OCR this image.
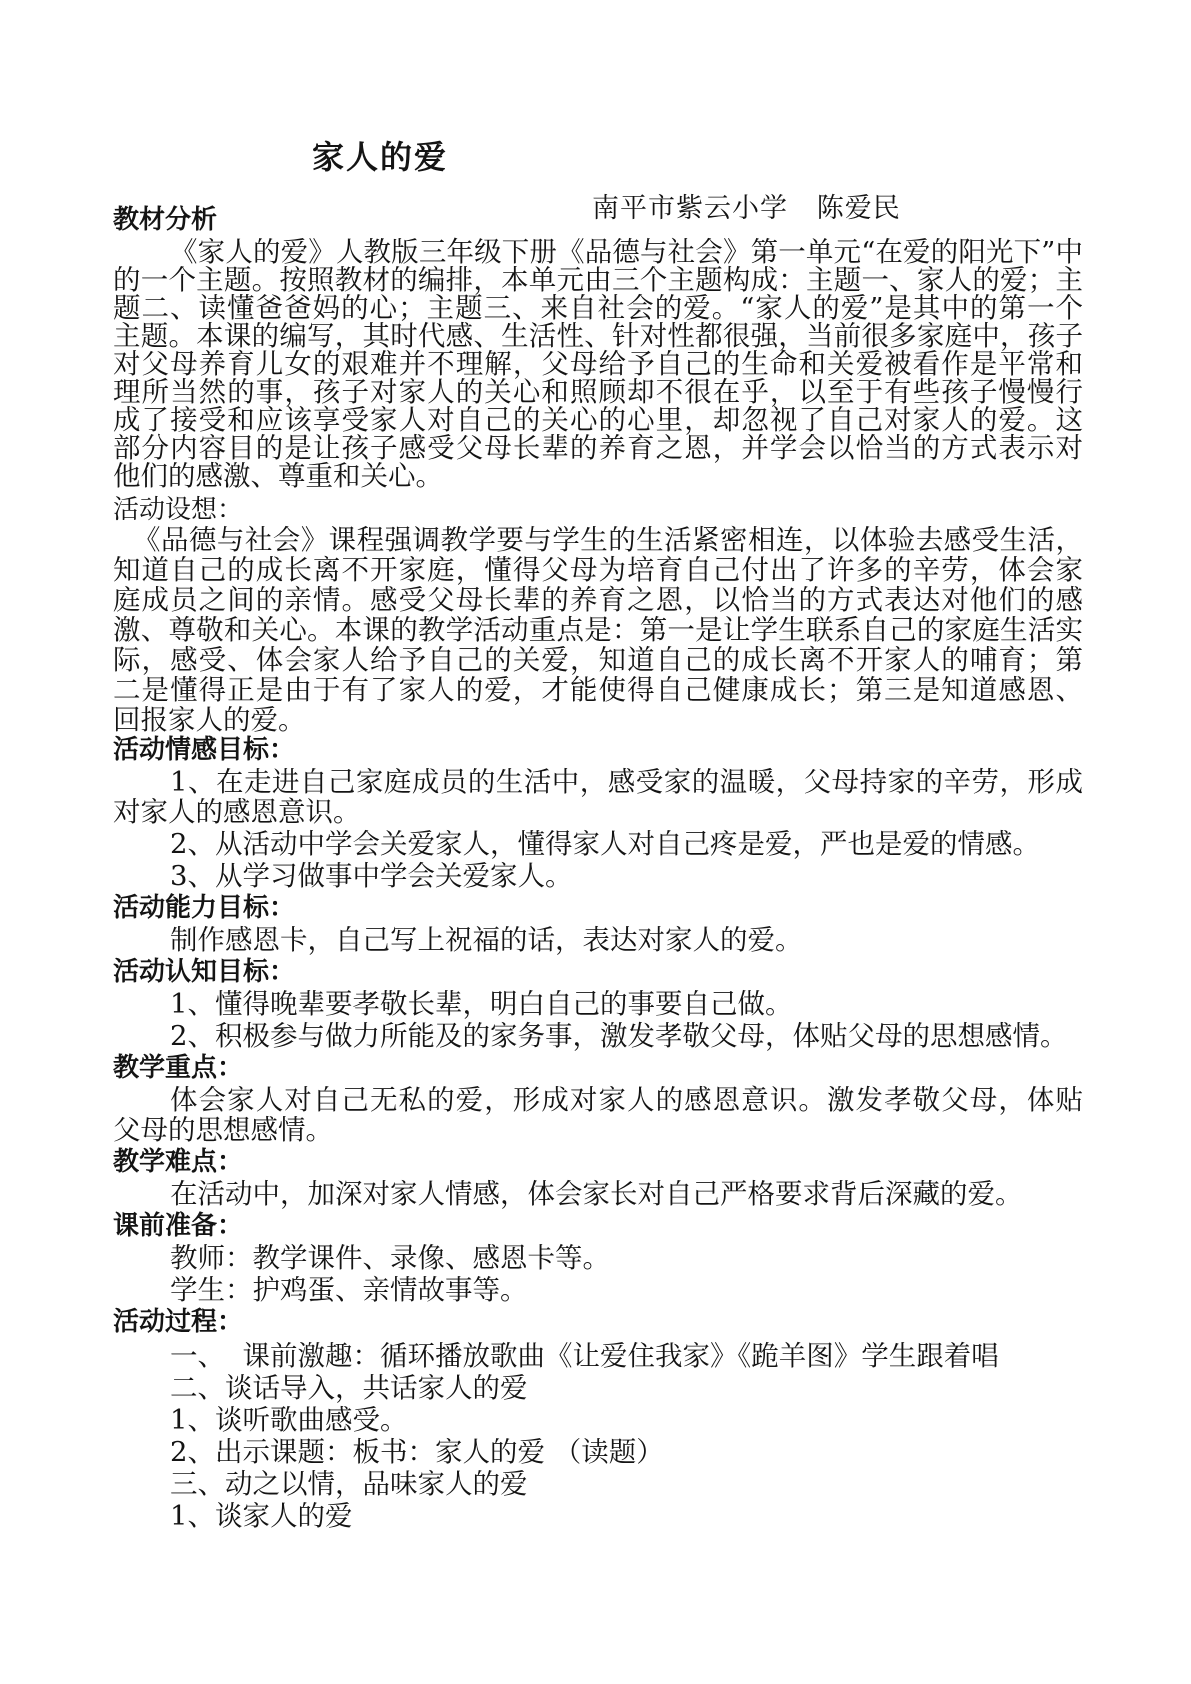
家人的爱
南平市紫云小学   陈爱民
教材分析
《家人的爱》人教版三年级下册《品德与社会》第一单元“在爱的阳光下”中
的一个主题。按照教材的编排，本单元由三个主题构成：主题一、家人的爱；主
题二、读懂爸爸妈的心；主题三、来自社会的爱。“家人的爱”是其中的第一个
主题。本课的编写，其时代感、生活性、针对性都很强，当前很多家庭中，孩子
对父母养育儿女的艰难并不理解，父母给予自己的生命和关爱被看作是平常和
理所当然的事，孩子对家人的关心和照顾却不很在乎，以至于有些孩子慢慢行
成了接受和应该享受家人对自己的关心的心里，却忽视了自己对家人的爱。这
部分内容目的是让孩子感受父母长辈的养育之恩，并学会以恰当的方式表示对
他们的感激、尊重和关心。
活动设想：
《品德与社会》课程强调教学要与学生的生活紧密相连，以体验去感受生活，
知道自己的成长离不开家庭，懂得父母为培育自己付出了许多的辛劳，体会家
庭成员之间的亲情。感受父母长辈的养育之恩，以恰当的方式表达对他们的感
激、尊敬和关心。本课的教学活动重点是：第一是让学生联系自己的家庭生活实
际，感受、体会家人给予自己的关爱，知道自己的成长离不开家人的哺育；第
二是懂得正是由于有了家人的爱，才能使得自己健康成长；第三是知道感恩、
回报家人的爱。
活动情感目标：
1、在走进自己家庭成员的生活中，感受家的温暖，父母持家的辛劳，形成
对家人的感恩意识。
2、从活动中学会关爱家人，懂得家人对自己疼是爱，严也是爱的情感。
3、从学习做事中学会关爱家人。
活动能力目标：
制作感恩卡，自己写上祝福的话，表达对家人的爱。
活动认知目标：
1、懂得晚辈要孝敬长辈，明白自己的事要自己做。
2、积极参与做力所能及的家务事，激发孝敬父母，体贴父母的思想感情。
教学重点：
体会家人对自己无私的爱，形成对家人的感恩意识。激发孝敬父母，体贴
父母的思想感情。
教学难点：
在活动中，加深对家人情感，体会家长对自己严格要求背后深藏的爱。
课前准备：
教师：教学课件、录像、感恩卡等。
学生：护鸡蛋、亲情故事等。
活动过程：
一、  课前激趣：循环播放歌曲《让爱住我家》《跪羊图》学生跟着唱
二、谈话导入，共话家人的爱
1、谈听歌曲感受。
2、出示课题：板书：家人的爱 （读题）
三、动之以情，品味家人的爱
1、谈家人的爱
